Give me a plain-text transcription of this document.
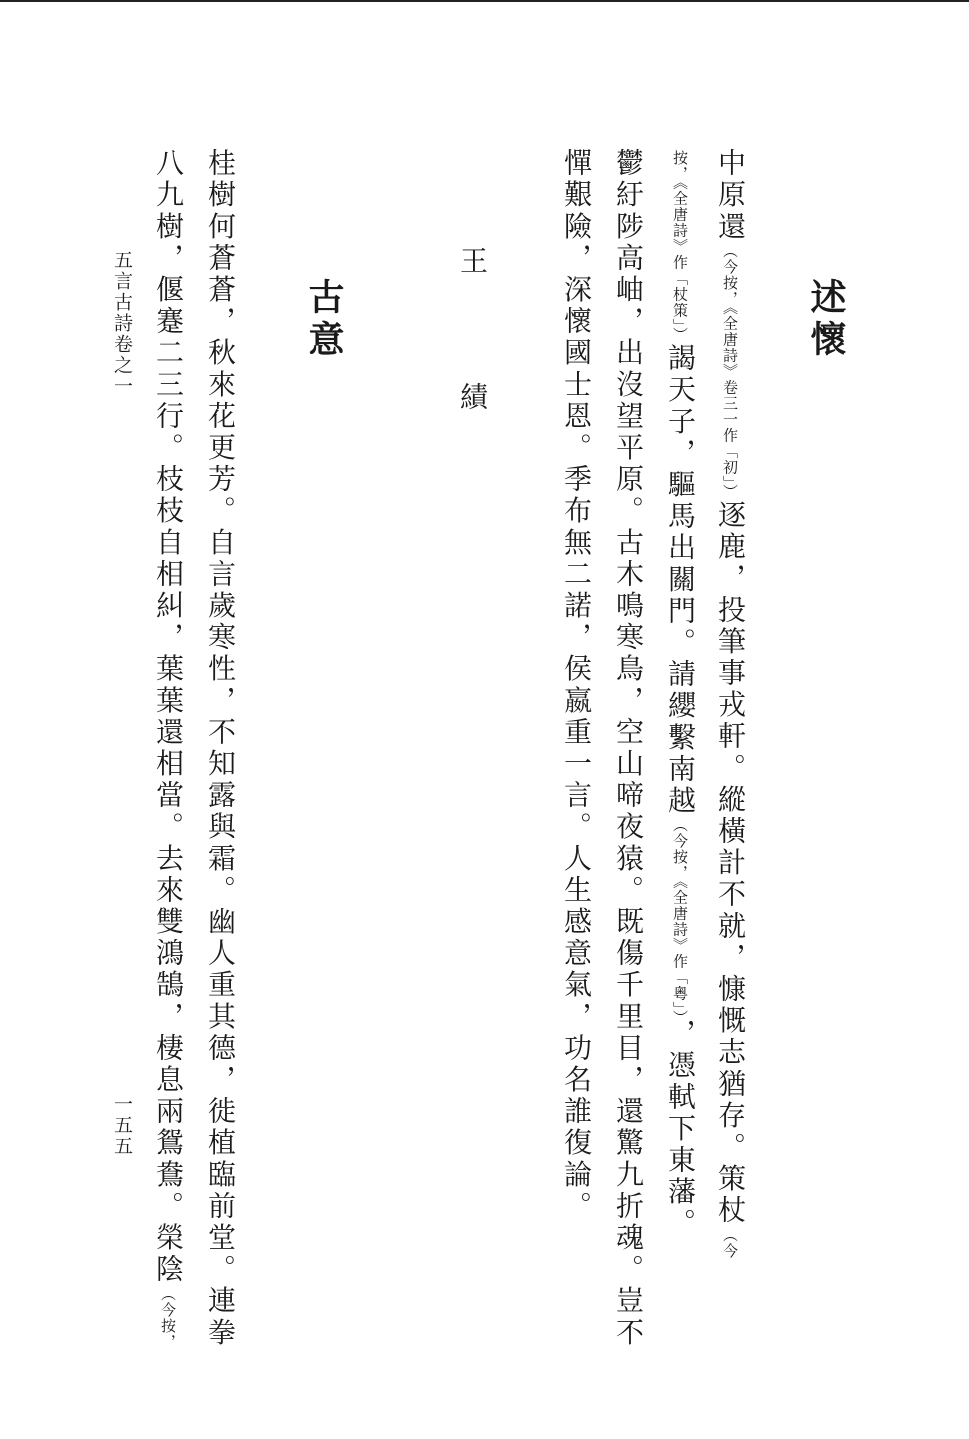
述懷
中原還（今按，《全唐詩》卷三一作「初」）逐鹿，投筆事戎軒。縱橫計不就，慷慨志猶存。策杖（今
按，《全唐詩》作「杖策」）謁天子，驅馬出關門。請纓繫南越（今按，《全唐詩》作「粵」），憑軾下東藩。
鬱紆陟高岫，出沒望平原。古木鳴寒鳥，空山啼夜猿。既傷千里目，還驚九折魂。豈不
憚艱險，深懷國士恩。季布無二諾，侯嬴重一言。人生感意氣，功名誰復論。
王　績
古意
桂樹何蒼蒼，秋來花更芳。自言歲寒性，不知露與霜。幽人重其德，徙植臨前堂。連拳
八九樹，偃蹇二三行。枝枝自相糾，葉葉還相當。去來雙鴻鵠，棲息兩鴛鴦。榮陰（今按，
五言古詩卷之一
一五五
